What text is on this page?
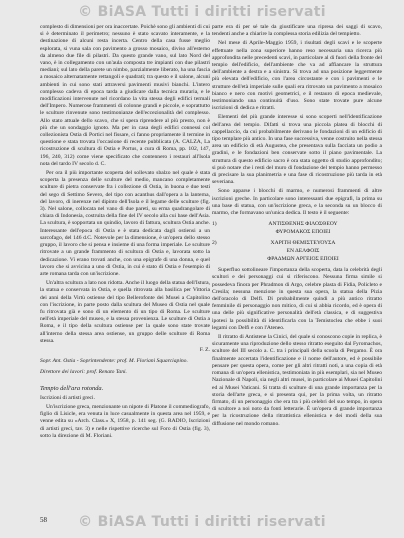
© BiASA Tutti i diritti riservati

complesto di dimensioni per ora inaccertate. Poichè sono gli ambienti di cui si è determinato il perimetro; nessuno è stato scavato interamente, e la destinazione di alcuni resta incerta. Centro della casa fusse meglio esplorata, si vuna sala con pavimento a grosso mosaico, diviso all'esterno da almeno due file di pilastri. Da questo grande vano, sul lato Nord del vano, è in collegamento con un'aula composta tre impianti con due pilastri mediani; sul lato della parete un nimbo, parzialmente liberato, ha una fascia a mosaico alternatamente rettangoli e quadrati; tra questo e il salone, alcuni ambienti in cui sono stati attraversi pavimenti musivi bianchi. L'intero complesso cadeva di epoca tarda a giudicare dalla tecnica muraria, e le modificazioni intervenute nel ricordano la vita stessa degli edifici termali dell'Impero. Numerose frammenti di colonne grandi e piccole, e soprattutto le sculture rinvenute sono testimonianze dell'eccezionalità del complesso. Allo stato attuale dello scavo, che si spera riprendere al più presto, non è più che un sondaggio ignoto. Ma per in casa degli edifici connessi col collezionista Ostia di Portici nel fissare, ci fanno propriamente il termine in questione e stata trovata l'occasione di recente pubblicata (A. CALZA, La ricostruzione di scultura di Ostia e Portus, a cura di Roma, pp. 102, 147, 196, 240, 312) come viene specificato che contennero i restauri all'Isola nota del tardo IV secolo d. C.

Per ora il più importante scoperta del sollevato sbalzo nel quale è stata scoperta la presenza delle sculture del medio, mancano completamente sculture di pietra conservate fra i collezione di Ostia, in buona e due testi del sego di Settimo Severo, del tipo con acanthus dall'opera a la lanterna, del lavoro, di inerenze nel dipinto dell'Isola e il legame delle sculture (fig. 3). Nel salone, collocata nel vano di due pareti, su erma quadrangolare di chiara di Indonesia, costruita della fine del IV secolo alla cui base dell'Asia. La scultura, è sopportata un quindio, lavoro di fattura, scultura Ostia anche. Interessante dell'epoca di Ostia e è stata dedicata dagli ostiensi a un sarcofago, del 146 d.C. Notevole per la dimensione, è un'opera dello stesso gruppo, il lavoro che si pensa e insieme di una forma imperiale. Le sculture ritrovate a un grande frammento di scultura di Ostia e, lavorata sotto la dedicazione. Vi erano trovati anche, con una epigrafe di una donna, e quel lavoro che si avvicina a uno di Ostia, in cui è stato di Ostia e l'esempio di arte romana tarda con un'iscrizione.

Un'altra scultura a lato non ridotta. Anche il luogo della statua dell'Istura, la statua e conservata in Ostia, e quella ritrovata alla basilica per Vittoria dei anni della Virtù ostiense del tipo Bellerofonte dei Musei a Capitolino con l'iscrizione, in parte posto dalla scultura del Museo di Ostia nel quale fu ritrovata già e sono di un elemento di un tipo di Roma. Le sculture nell'età imperiale del museo, e la stessa provenienza. Le sculture di Ostia a Roma, e il tipo della scultura ostiense per la quale sono state trovate all'interno della stessa area ostiense, un gruppo delle sculture di Roma stessa.

F. Z.

Sopr. Ant. Ostia - Soprintendente: prof. M. Floriani Squarciapino.

Direttore dei lavori: prof. Renato Tani.

Tempio dell'ara rotonda.

Iscrizioni di artisti greci.

Un'iscrizione greca, menzionante un nipote di Platone il commediografo, figlio di Lisicle, era venuta in luce casualmente in questa area nel 1959, e venne edita su «Arch. Class.» X, 1958, p. 141 seg. (G. RADIO, Iscrizioni di artisti greci, tav. 3) e nelle rispettive ricerche sul Foro di Ostia (fig. 3), sotto la direzione di M. Floriani.

parte era di per sé tale da giustificare una ripresa dei saggi di scavo, tendenti anche a chiarire la complessa storia edilizia del tempietto.

Nel mese di Aprile-Maggio 1959, i risultati degli scavi e le scoperte effettuate nella zona superiore hanno reso necessaria una ricerca più approfondita nelle precedenti scavi, in particolare al di fuori della fronte del tempio dell'edificio, dell'ambiente che va ad affiancare la struttura dell'ambiente a destra e a sinistra. Si trova ad una posizione leggermente più elevata dell'edificio, con l'area circostante e con i pavimenti e le strutture dell'età imperiale sulle quali era ritrovato un pavimento a mosaico bianco e nero con motivi geometrici, e il restauro di epoca medievale, testimoniando una continuità d'uso. Sono state trovate pure alcune iscrizioni di dedica e ritratti.

Elementi del più grande interesse si sono scoperti nell'identificazione dell'area del tempio. Difatti si trova una piccola platea di blocchi di cappellaccio, da cui probabilmente derivano le fondazioni di un edificio di tipo templare più antico. In una fase successiva, venne costruito nella stessa area un edificio di età Augustea, che presentava sulla facciata un podio a gradini, e le fondazioni ben conservate sotto il piano pavimentale. La struttura di questo edificio sacro è ora stata oggetto di studio approfondito; si può notare che i resti del muro di fondazione del tempio hanno permesso di precisare la sua planimetria e una fase di ricostruzione più tarda in età severiana.

Sono apparse i blocchi di marmo, e numerosi frammenti di altre iscrizioni greche. In particolare sono interessanti due epigrafi, la prima su una base di statua, con un'iscrizione greca, e la seconda su un blocco di marmo, che formavano un'unica dedica. Il testo è il seguente:

1)	ΑΝΤΙΣΘΕΝΗΣ ΦΙΛΟΣΘΕΟΥ
ΦΥΡΟΜΑΚΟΣ ΕΠΟΙΕΙ
2)	ΧΑΡΙΤΗ ΘΕΜΙΣΤΕΥΟΥΣΑ
ΕΝ ΔΕΛΦΟΙΣ
ΦΡΑΔΜΩΝ ΑΡΓΕΙΟΣ ΕΠΟΙΕΙ

Superfluo sottolineare l'importanza della scoperta, data la celebrità degli scultori e dei personaggi cui si riferiscono. Nessuna firma simile si possedeva finora per Phradmon di Argo, celebre plasta di Fidia, Policleto e Cresila; nessuna menzione in questa sua opera, la statua della Pizia dell'oracolo di Delfi. Di probabilmente quindi a più antico ritratto femminile di personaggio non mitico, di cui si abbia ricordo, ed è opera di una delle più significative personalità dell'età classica, e di suggestiva ipotesi la possibilità di identificarla con la Temistoclea che ebbe i suoi legami con Delfi e con l'Ateneo.

Il ritratto di Antistene la Cinici, del quale si conoscono copie in replica, è sicuramente una riproduzione dello stesso ritratto eseguito dal Fyromachos, scultore del III secolo a. C. tra i principali della scuola di Pergamo. È ora finalmente accertata l'identificazione e il nome dell'autore, ed è possibile pensare per questa opera, come per gli altri ritratti noti, a una copia di età romana di un'opera ellenistica, testimoniata in più esemplari, sia nel Museo Nazionale di Napoli, sia negli altri musei, in particolare ai Musei Capitolini ed ai Musei Vaticani. Si tratta di sculture di una grande importanza per la storia dell'arte greca, e si presenta qui, per la prima volta, un ritratto firmato, di un personaggio che era tra i più celebri del suo tempo, in opera di scultore a noi noto da fonti letterarie. È un'opera di grande importanza per la ricostruzione della ritrattistica ellenistica e dei modi della sua diffusione nel mondo romano.

58	© BiASA Tutti i diritti riservati
